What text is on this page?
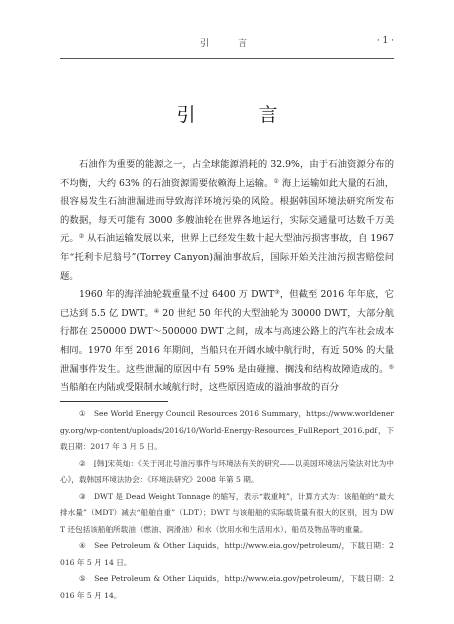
引　言	· 1 ·
引　言

石油作为重要的能源之一，占全球能源消耗的 32.9%，由于石油资源分布的不均衡，大约 63% 的石油资源需要依赖海上运输。① 海上运输如此大量的石油，很容易发生石油泄漏进而导致海洋环境污染的风险。根据韩国环境法研究所发布的数据，每天可能有 3000 多艘油轮在世界各地运行，实际交通量可达数千万美元。② 从石油运输发展以来，世界上已经发生数十起大型油污损害事故，自 1967 年“托利卡尼翁号”(Torrey Canyon)漏油事故后，国际开始关注油污损害赔偿问题。

1960 年的海洋油轮载重量不过 6400 万 DWT③，但截至 2016 年年底，它已达到 5.5 亿 DWT。④ 20 世纪 50 年代的大型油轮为 30000 DWT，大部分航行都在 250000 DWT～500000 DWT 之间，成本与高速公路上的汽车社会成本相同。1970 年至 2016 年期间，当船只在开阔水域中航行时，有近 50% 的大量泄漏事件发生。这些泄漏的原因中有 59% 是由碰撞、搁浅和结构故障造成的。⑤ 当船舶在内陆或受限制水域航行时，这些原因造成的溢油事故的百分

① See World Energy Council Resources 2016 Summary，https://www.worldenergy.org/wp-content/uploads/2016/10/World-Energy-Resources_FullReport_2016.pdf，下载日期：2017 年 3 月 5 日。

② [韩]宋英灿：《关于河北号油污事件与环境法有关的研究——以美国环境法污染法对比为中心》，载韩国环境法协会：《环境法研究》2008 年第 5 期。

③ DWT 是 Dead Weight Tonnage 的缩写，表示“载重吨”，计算方式为：该船舶的“最大排水量”（MDT）减去“船舶自重”（LDT）；DWT 与该船舶的实际载货量有很大的区别，因为 DWT 还包括该船舶所载油（燃油、润滑油）和水（饮用水和生活用水）、船员及物品等的重量。

④ See Petroleum & Other Liquids，http://www.eia.gov/petroleum/，下载日期：2016 年 5 月 14 日。

⑤ See Petroleum & Other Liquids，http://www.eia.gov/petroleum/，下载日期：2016 年 5 月 14。
